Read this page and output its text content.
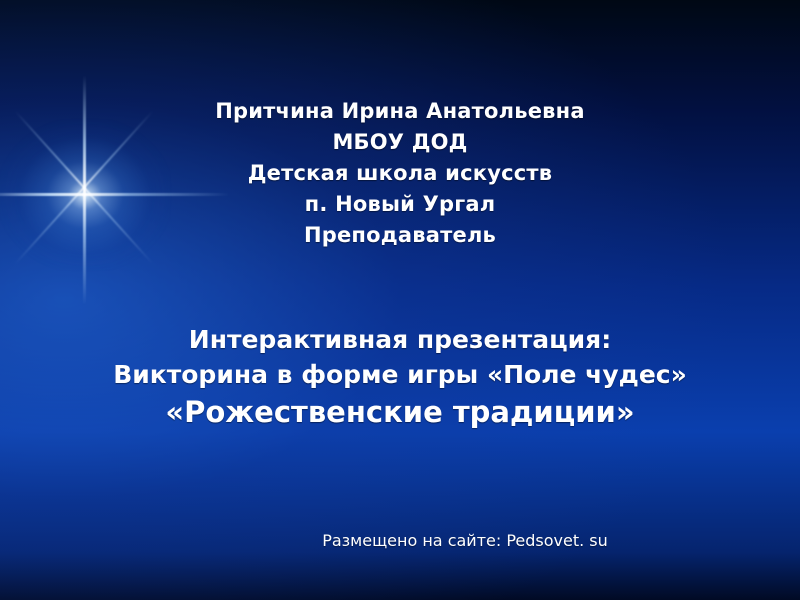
Притчина Ирина Анатольевна
МБОУ ДОД
Детская школа искусств
п. Новый Ургал
Преподаватель
Интерактивная презентация:
Викторина в форме игры «Поле чудес»
«Рожественские традиции»
Размещено на сайте: Pedsovet. su
